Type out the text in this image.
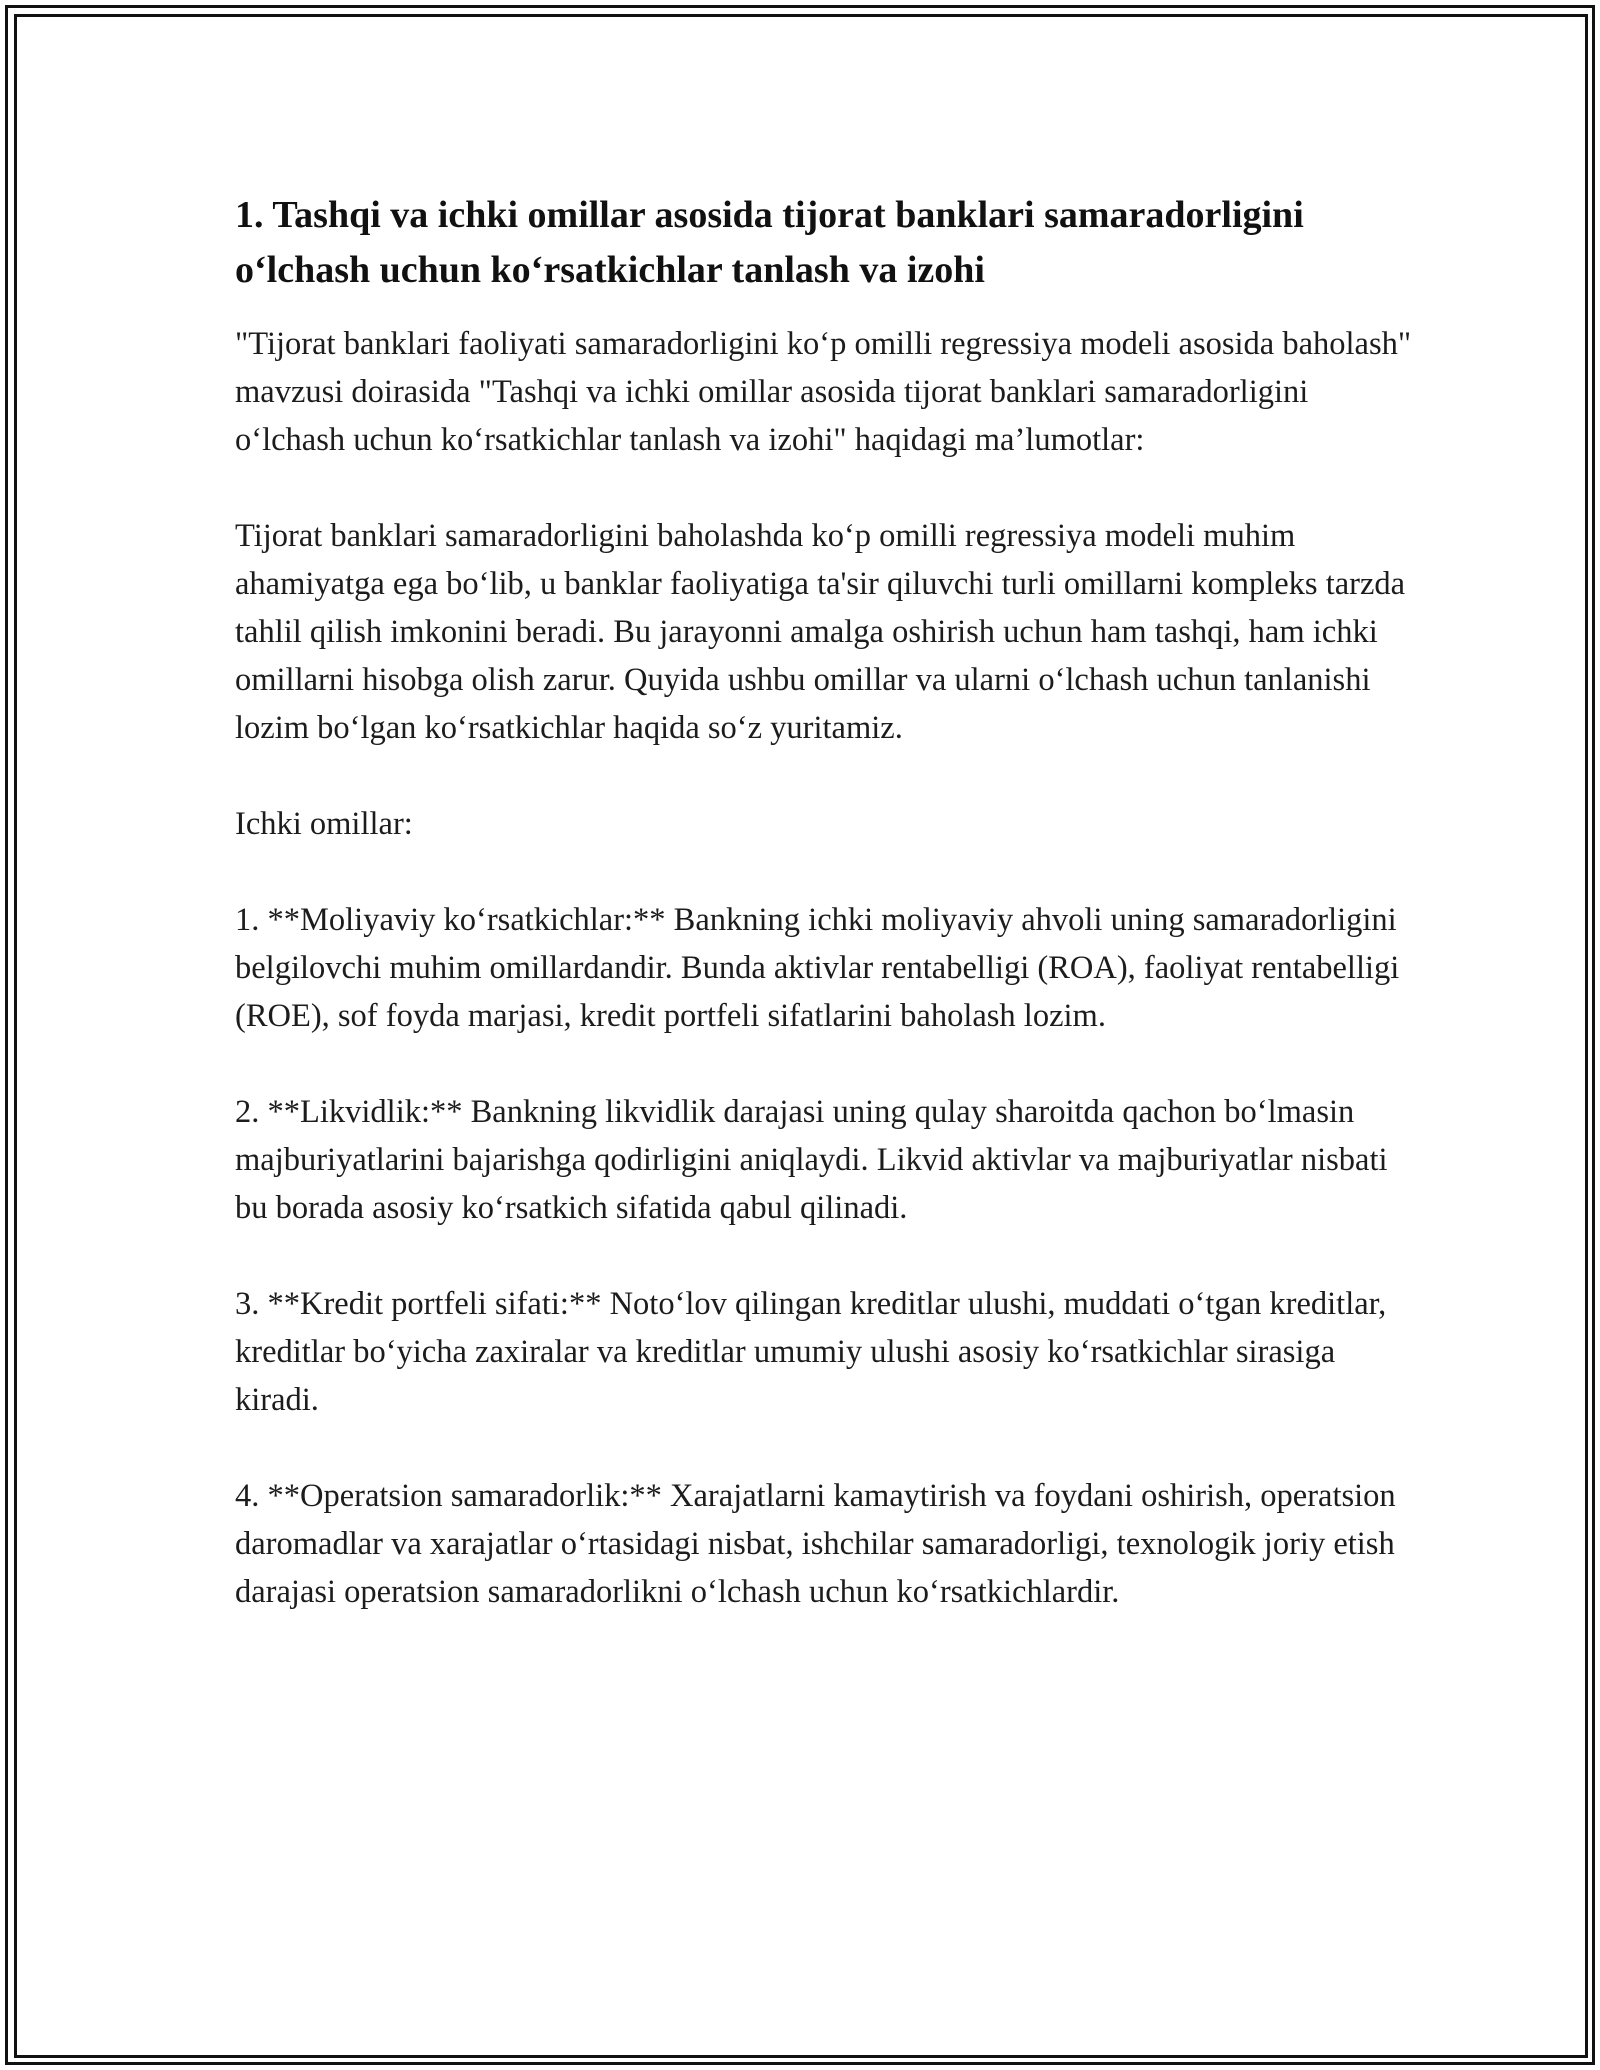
1. Tashqi va ichki omillar asosida tijorat banklari samaradorligini o‘lchash uchun ko‘rsatkichlar tanlash va izohi

"Tijorat banklari faoliyati samaradorligini ko‘p omilli regressiya modeli asosida baholash" mavzusi doirasida "Tashqi va ichki omillar asosida tijorat banklari samaradorligini o‘lchash uchun ko‘rsatkichlar tanlash va izohi" haqidagi ma’lumotlar:

Tijorat banklari samaradorligini baholashda ko‘p omilli regressiya modeli muhim ahamiyatga ega bo‘lib, u banklar faoliyatiga ta'sir qiluvchi turli omillarni kompleks tarzda tahlil qilish imkonini beradi. Bu jarayonni amalga oshirish uchun ham tashqi, ham ichki omillarni hisobga olish zarur. Quyida ushbu omillar va ularni o‘lchash uchun tanlanishi lozim bo‘lgan ko‘rsatkichlar haqida so‘z yuritamiz.

Ichki omillar:

1. **Moliyaviy ko‘rsatkichlar:** Bankning ichki moliyaviy ahvoli uning samaradorligini belgilovchi muhim omillardandir. Bunda aktivlar rentabelligi (ROA), faoliyat rentabelligi (ROE), sof foyda marjasi, kredit portfeli sifatlarini baholash lozim.

2. **Likvidlik:** Bankning likvidlik darajasi uning qulay sharoitda qachon bo‘lmasin majburiyatlarini bajarishga qodirligini aniqlaydi. Likvid aktivlar va majburiyatlar nisbati bu borada asosiy ko‘rsatkich sifatida qabul qilinadi.

3. **Kredit portfeli sifati:** Noto‘lov qilingan kreditlar ulushi, muddati o‘tgan kreditlar, kreditlar bo‘yicha zaxiralar va kreditlar umumiy ulushi asosiy ko‘rsatkichlar sirasiga kiradi.

4. **Operatsion samaradorlik:** Xarajatlarni kamaytirish va foydani oshirish, operatsion daromadlar va xarajatlar o‘rtasidagi nisbat, ishchilar samaradorligi, texnologik joriy etish darajasi operatsion samaradorlikni o‘lchash uchun ko‘rsatkichlardir.
